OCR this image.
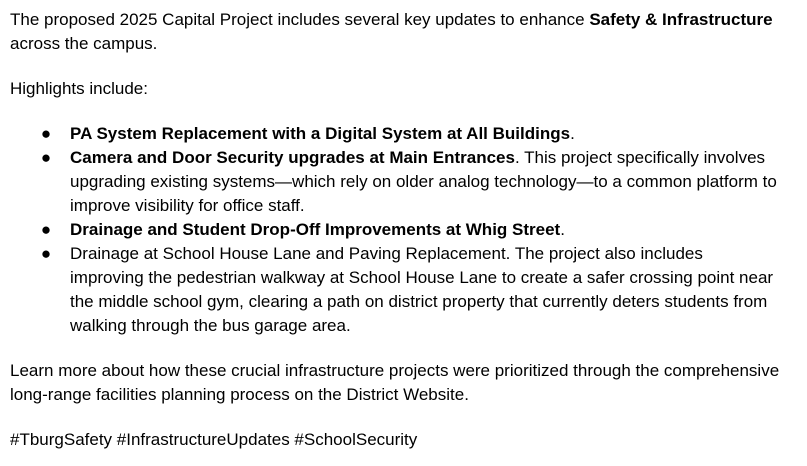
The proposed 2025 Capital Project includes several key updates to enhance Safety & Infrastructure across the campus.

Highlights include:

● PA System Replacement with a Digital System at All Buildings.
● Camera and Door Security upgrades at Main Entrances. This project specifically involves upgrading existing systems—which rely on older analog technology—to a common platform to improve visibility for office staff.
● Drainage and Student Drop-Off Improvements at Whig Street.
● Drainage at School House Lane and Paving Replacement. The project also includes improving the pedestrian walkway at School House Lane to create a safer crossing point near the middle school gym, clearing a path on district property that currently deters students from walking through the bus garage area.

Learn more about how these crucial infrastructure projects were prioritized through the comprehensive long-range facilities planning process on the District Website.

#TburgSafety #InfrastructureUpdates #SchoolSecurity
